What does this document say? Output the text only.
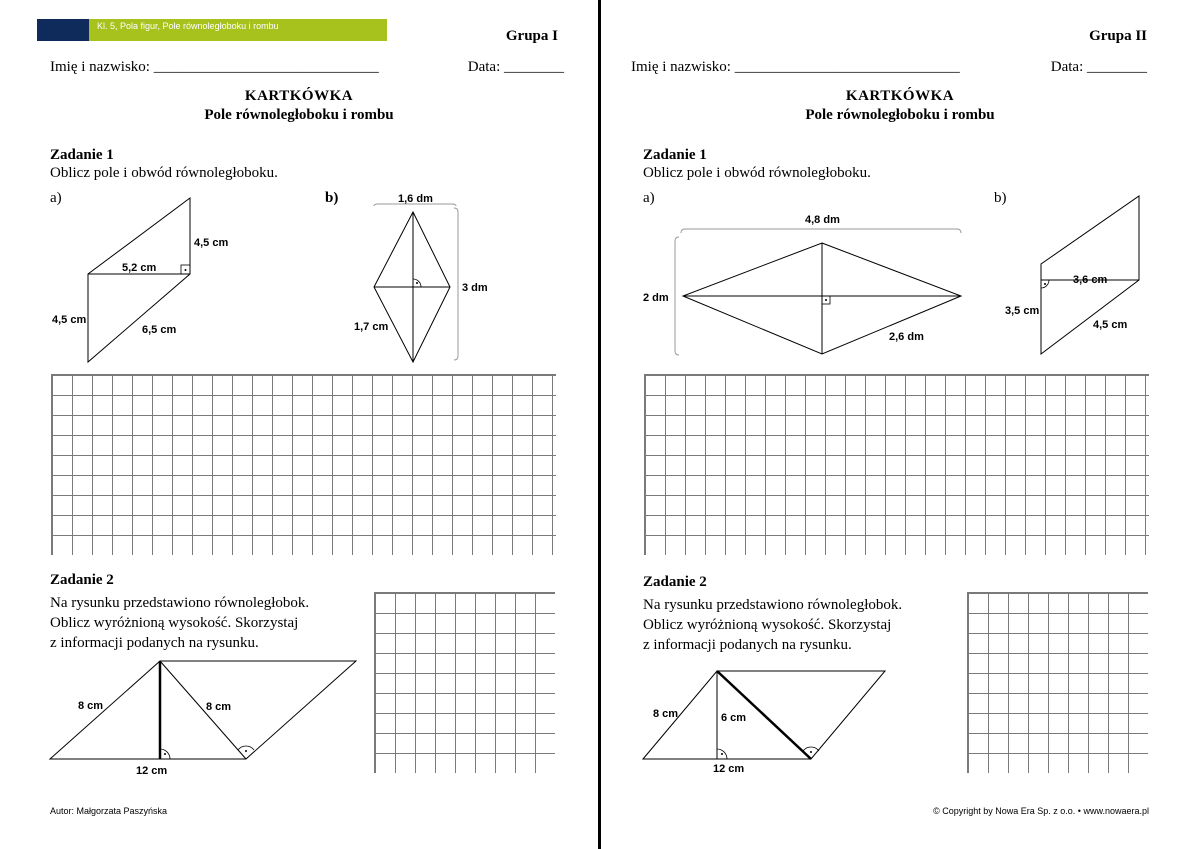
Kl. 5, Pola figur, Pole równoległoboku i rombu
Grupa I
Imię i nazwisko: ______________________________	Data: ________
KARTKÓWKA
Pole równoległoboku i rombu
Zadanie 1
Oblicz pole i obwód równoległoboku.
a)	b)
4,5 cm
5,2 cm
4,5 cm
6,5 cm
1,6 dm
3 dm
1,7 cm
Zadanie 2
Na rysunku przedstawiono równoległobok.
Oblicz wyróżnioną wysokość. Skorzystaj
z informacji podanych na rysunku.
8 cm	8 cm
12 cm
Autor: Małgorzata Paszyńska
Grupa II
Imię i nazwisko: ______________________________	Data: ________
KARTKÓWKA
Pole równoległoboku i rombu
Zadanie 1
Oblicz pole i obwód równoległoboku.
a)	b)
4,8 dm
2 dm
2,6 dm
3,6 cm
3,5 cm
4,5 cm
Zadanie 2
Na rysunku przedstawiono równoległobok.
Oblicz wyróżnioną wysokość. Skorzystaj
z informacji podanych na rysunku.
8 cm	6 cm
12 cm
© Copyright by Nowa Era Sp. z o.o. • www.nowaera.pl
